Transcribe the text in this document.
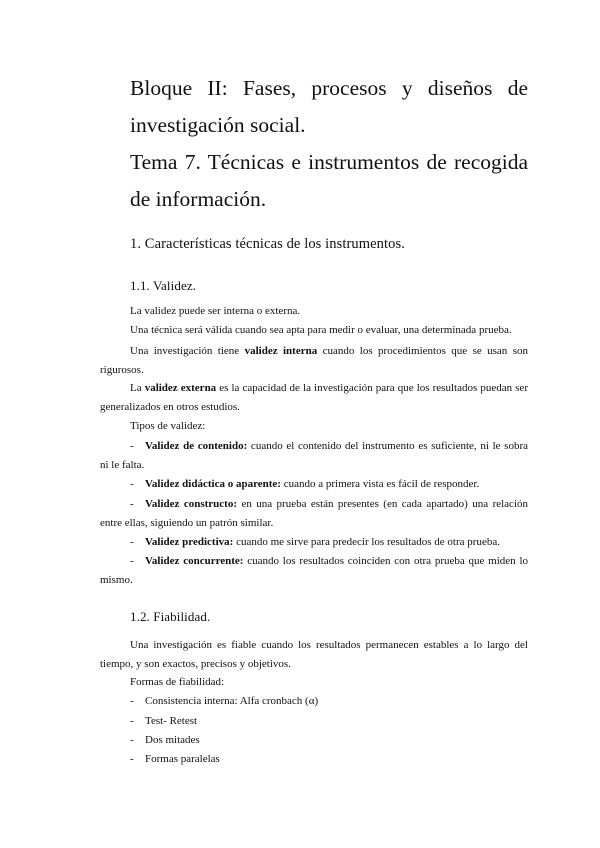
Bloque II: Fases, procesos y diseños de investigación social.
Tema 7. Técnicas e instrumentos de recogida de información.
1. Características técnicas de los instrumentos.
1.1. Validez.

La validez puede ser interna o externa.

Una técnica será válida cuando sea apta para medir o evaluar, una determinada prueba.

Una investigación tiene validez interna cuando los procedimientos que se usan son rigurosos.

La validez externa es la capacidad de la investigación para que los resultados puedan ser generalizados en otros estudios.

Tipos de validez:

- Validez de contenido: cuando el contenido del instrumento es suficiente, ni le sobra ni le falta.

- Validez didáctica o aparente: cuando a primera vista es fácil de responder.

- Validez constructo: en una prueba están presentes (en cada apartado) una relación entre ellas, siguiendo un patrón similar.

- Validez predictiva: cuando me sirve para predecir los resultados de otra prueba.

- Validez concurrente: cuando los resultados coinciden con otra prueba que miden lo mismo.

1.2. Fiabilidad.

Una investigación es fiable cuando los resultados permanecen estables a lo largo del tiempo, y son exactos, precisos y objetivos.

Formas de fiabilidad:

- Consistencia interna: Alfa cronbach (α)

- Test- Retest

- Dos mitades

- Formas paralelas
